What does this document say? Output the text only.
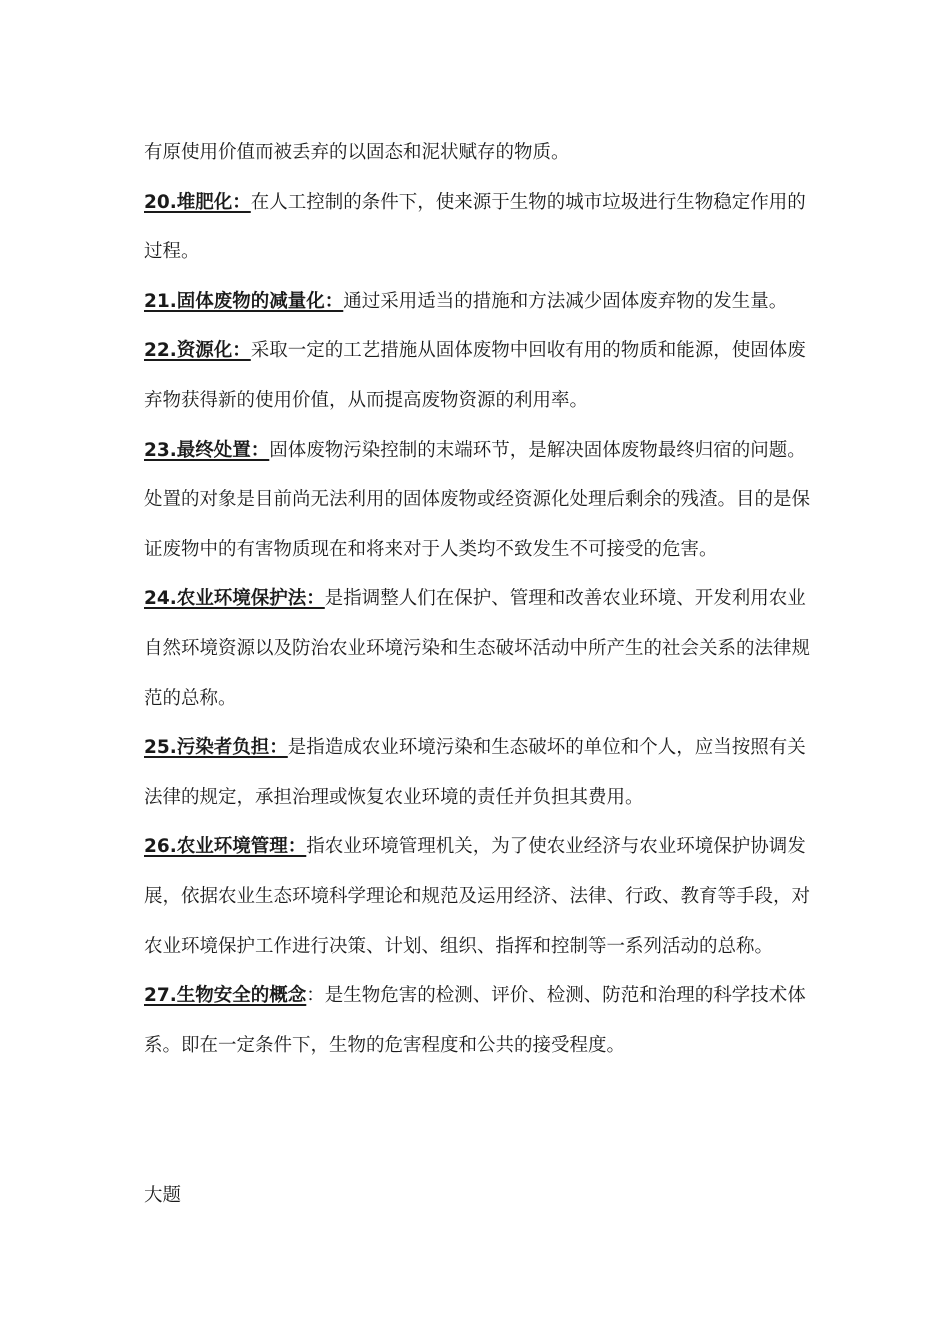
有原使用价值而被丢弃的以固态和泥状赋存的物质。

20.堆肥化：在人工控制的条件下，使来源于生物的城市垃圾进行生物稳定作用的过程。

21.固体废物的减量化：通过采用适当的措施和方法减少固体废弃物的发生量。

22.资源化：采取一定的工艺措施从固体废物中回收有用的物质和能源，使固体废弃物获得新的使用价值，从而提高废物资源的利用率。

23.最终处置：固体废物污染控制的末端环节，是解决固体废物最终归宿的问题。处置的对象是目前尚无法利用的固体废物或经资源化处理后剩余的残渣。目的是保证废物中的有害物质现在和将来对于人类均不致发生不可接受的危害。

24.农业环境保护法：是指调整人们在保护、管理和改善农业环境、开发利用农业自然环境资源以及防治农业环境污染和生态破坏活动中所产生的社会关系的法律规范的总称。

25.污染者负担：是指造成农业环境污染和生态破坏的单位和个人，应当按照有关法律的规定，承担治理或恢复农业环境的责任并负担其费用。

26.农业环境管理：指农业环境管理机关，为了使农业经济与农业环境保护协调发展，依据农业生态环境科学理论和规范及运用经济、法律、行政、教育等手段，对农业环境保护工作进行决策、计划、组织、指挥和控制等一系列活动的总称。

27.生物安全的概念：是生物危害的检测、评价、检测、防范和治理的科学技术体系。即在一定条件下，生物的危害程度和公共的接受程度。

大题
